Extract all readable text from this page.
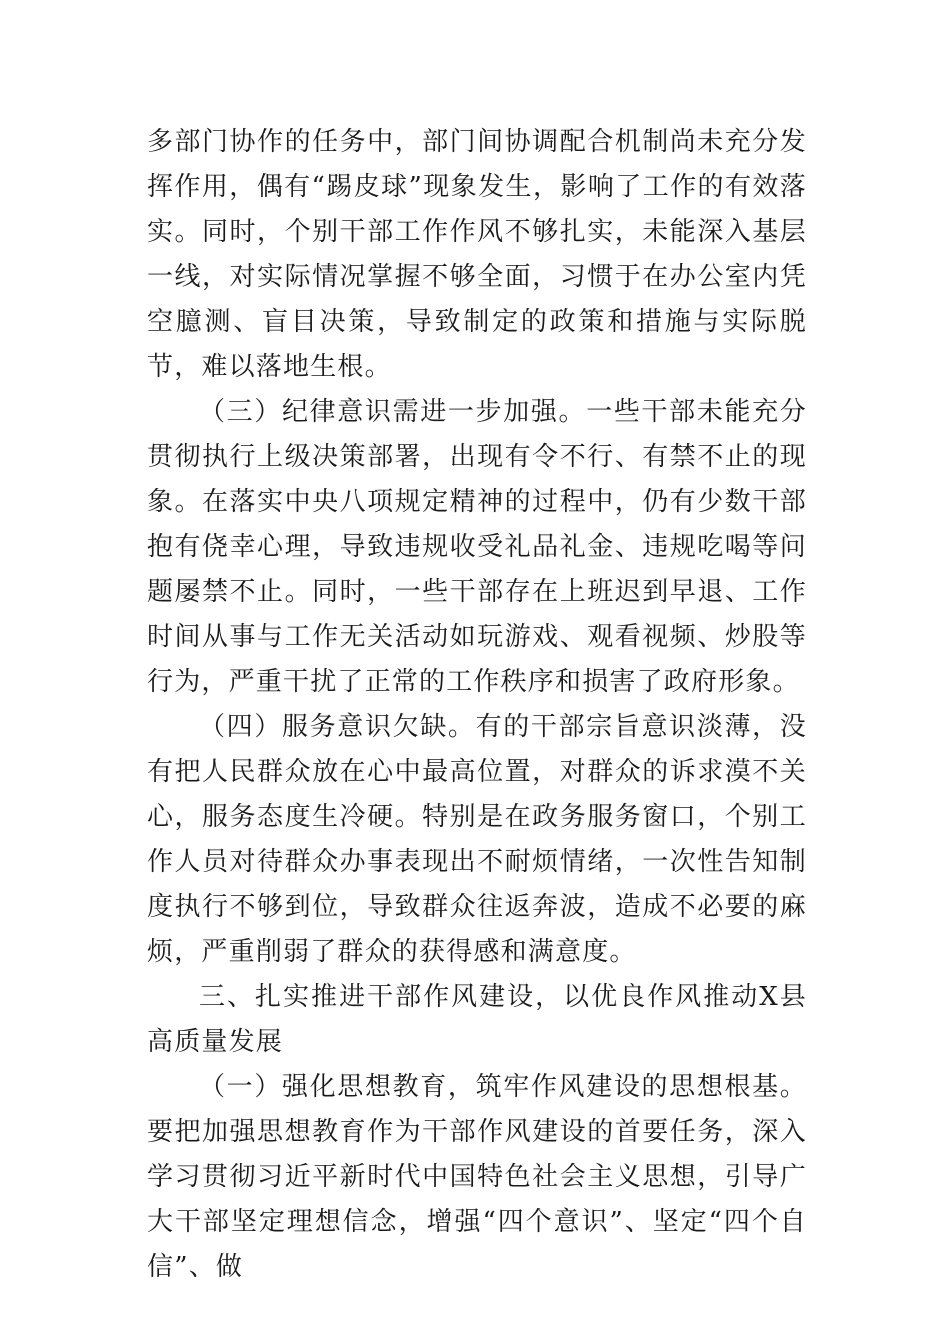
多部门协作的任务中，部门间协调配合机制尚未充分发挥作用，偶有“踢皮球”现象发生，影响了工作的有效落实。同时，个别干部工作作风不够扎实，未能深入基层一线，对实际情况掌握不够全面，习惯于在办公室内凭空臆测、盲目决策，导致制定的政策和措施与实际脱节，难以落地生根。

（三）纪律意识需进一步加强。一些干部未能充分贯彻执行上级决策部署，出现有令不行、有禁不止的现象。在落实中央八项规定精神的过程中，仍有少数干部抱有侥幸心理，导致违规收受礼品礼金、违规吃喝等问题屡禁不止。同时，一些干部存在上班迟到早退、工作时间从事与工作无关活动如玩游戏、观看视频、炒股等行为，严重干扰了正常的工作秩序和损害了政府形象。

（四）服务意识欠缺。有的干部宗旨意识淡薄，没有把人民群众放在心中最高位置，对群众的诉求漠不关心，服务态度生冷硬。特别是在政务服务窗口，个别工作人员对待群众办事表现出不耐烦情绪，一次性告知制度执行不够到位，导致群众往返奔波，造成不必要的麻烦，严重削弱了群众的获得感和满意度。

三、扎实推进干部作风建设，以优良作风推动X县高质量发展

（一）强化思想教育，筑牢作风建设的思想根基。要把加强思想教育作为干部作风建设的首要任务，深入学习贯彻习近平新时代中国特色社会主义思想，引导广大干部坚定理想信念，增强“四个意识”、坚定“四个自信”、做
